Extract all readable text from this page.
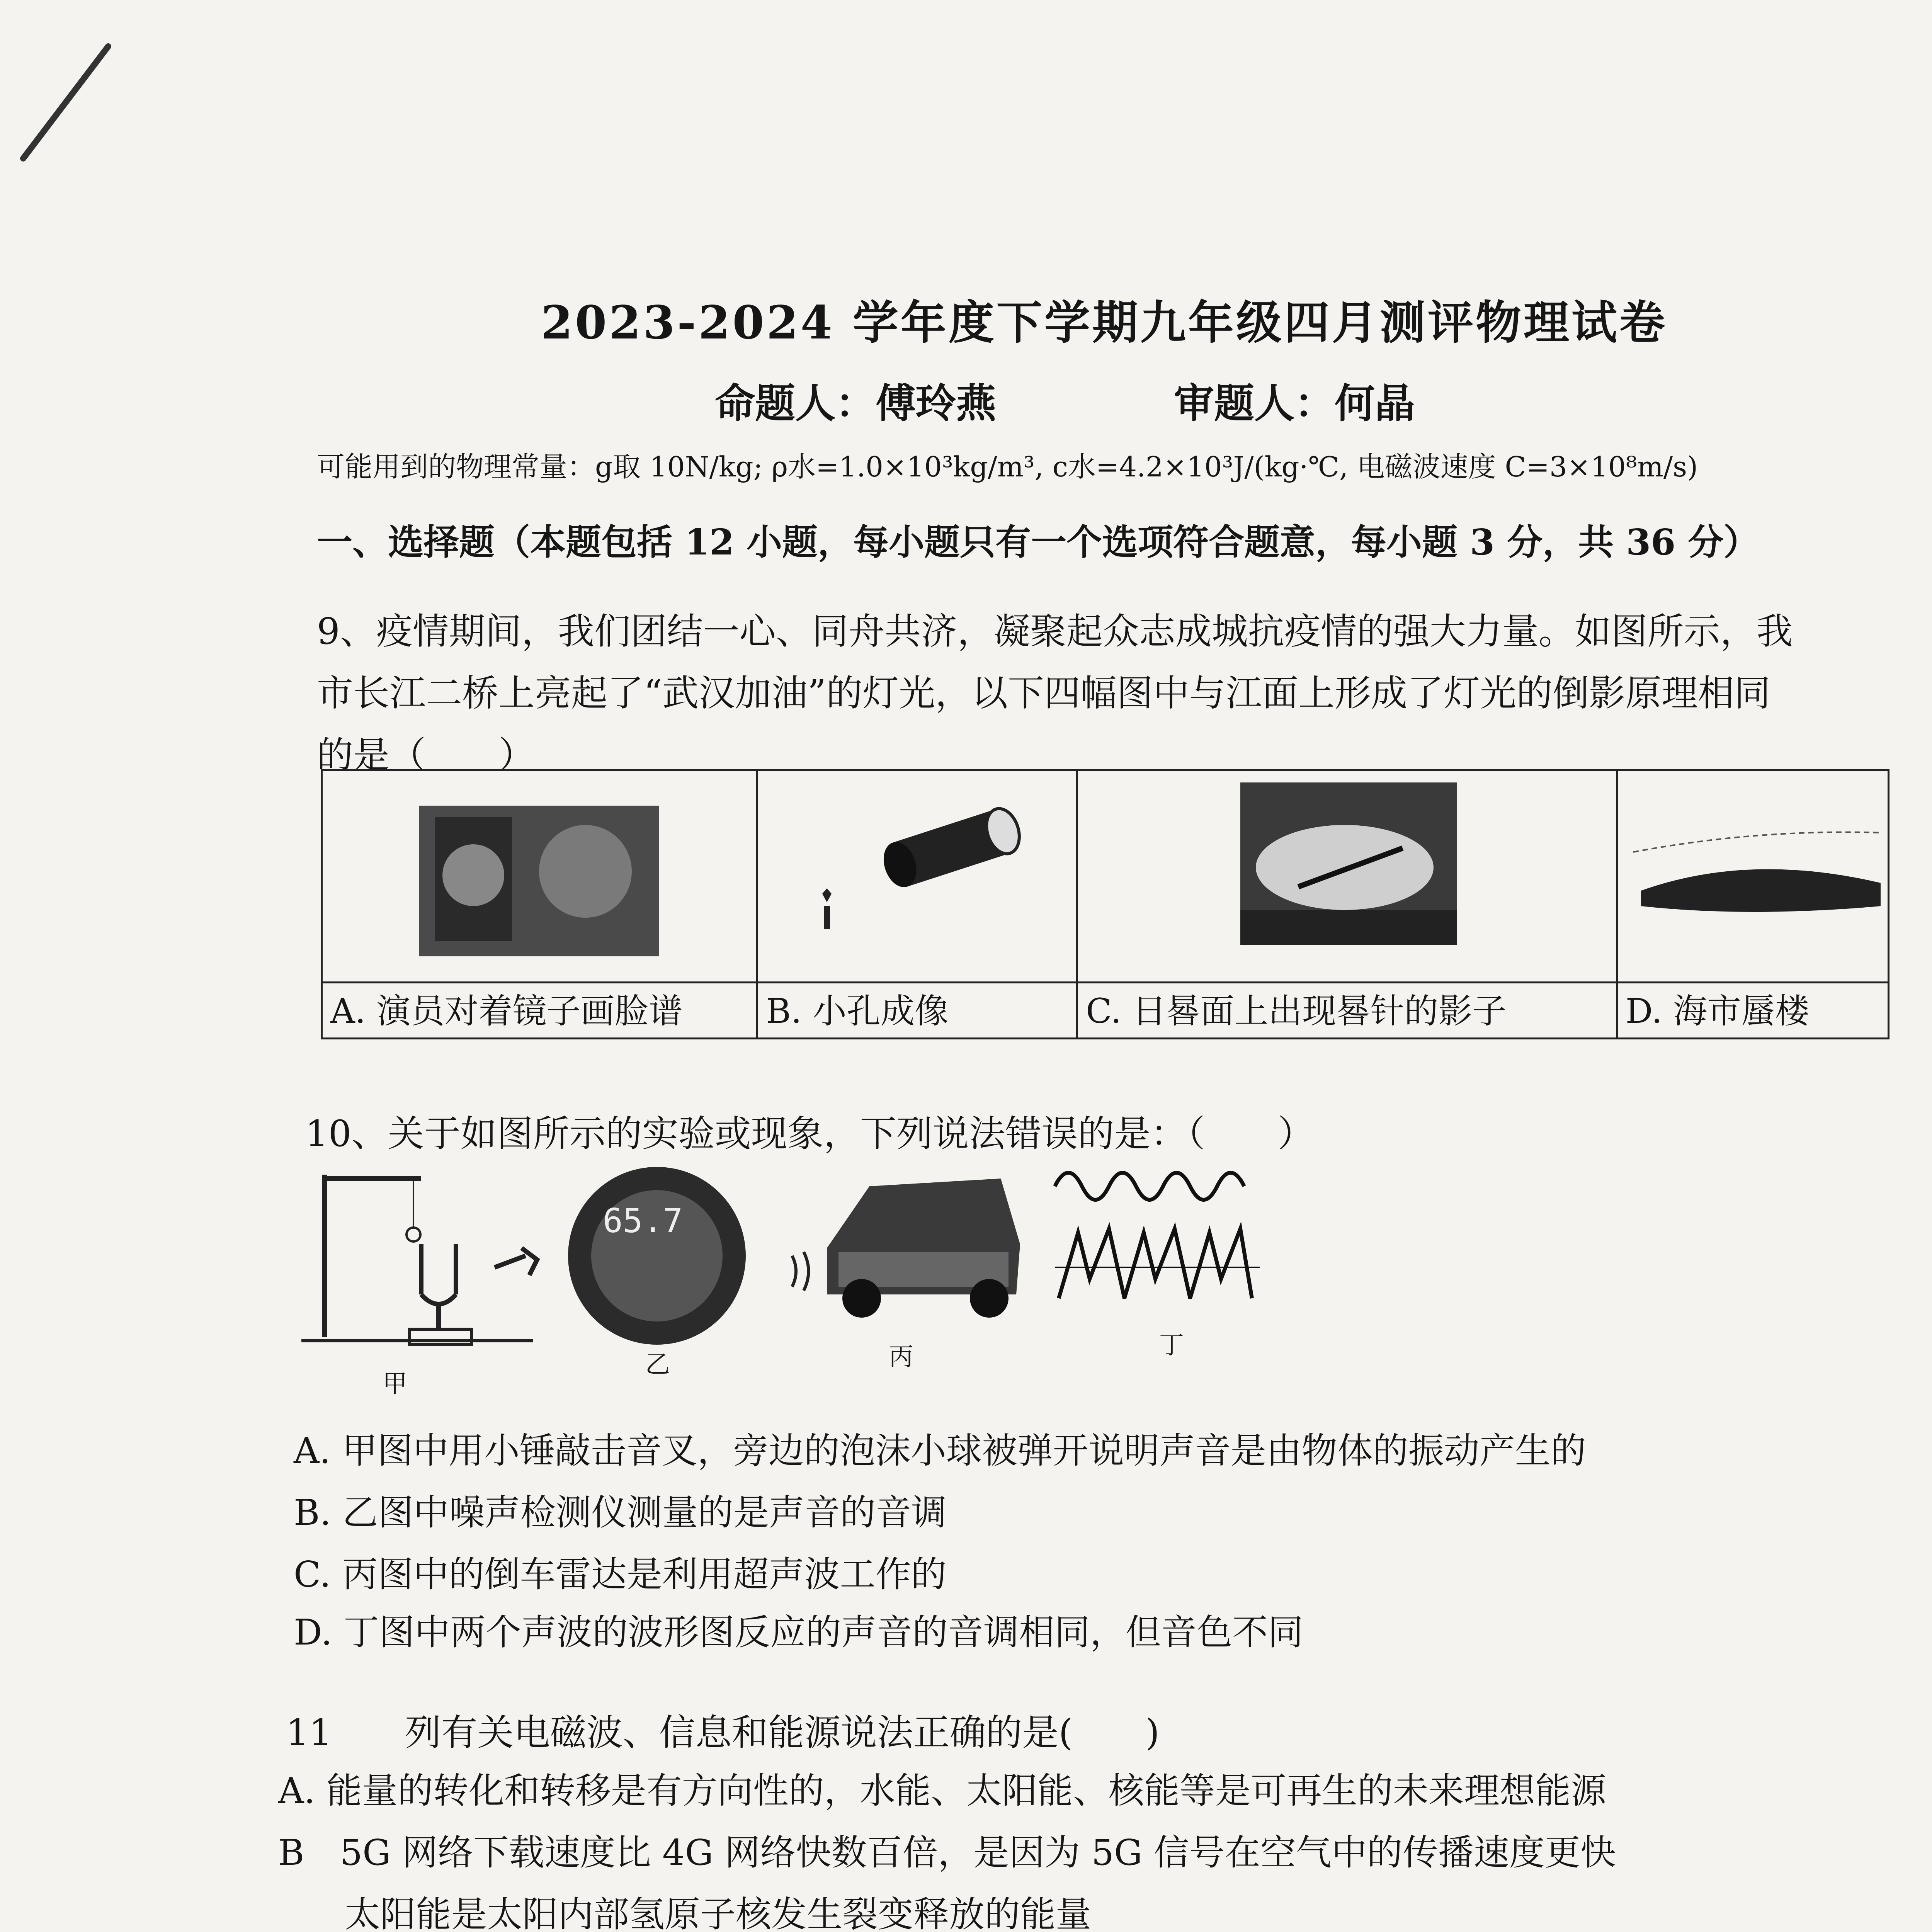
2023-2024 学年度下学期九年级四月测评物理试卷
命题人：傅玲燕	审题人：何晶
可能用到的物理常量：g取 10N/kg; ρ水=1.0×10³kg/m³, c水=4.2×10³J/(kg·℃, 电磁波速度 C=3×10⁸m/s)
一、选择题（本题包括 12 小题，每小题只有一个选项符合题意，每小题 3 分，共 36 分）
9、疫情期间，我们团结一心、同舟共济，凝聚起众志成城抗疫情的强大力量。如图所示，我
市长江二桥上亮起了“武汉加油”的灯光，以下四幅图中与江面上形成了灯光的倒影原理相同
的是（　　）
A. 演员对着镜子画脸谱 B. 小孔成像	C. 日晷面上出现晷针的影子	D. 海市蜃楼
10、关于如图所示的实验或现象，下列说法错误的是：（　　）
甲
65.7
乙	丙	丁
A. 甲图中用小锤敲击音叉，旁边的泡沫小球被弹开说明声音是由物体的振动产生的
B. 乙图中噪声检测仪测量的是声音的音调
C. 丙图中的倒车雷达是利用超声波工作的
D. 丁图中两个声波的波形图反应的声音的音调相同，但音色不同
11　　列有关电磁波、信息和能源说法正确的是(　　)
A. 能量的转化和转移是有方向性的，水能、太阳能、核能等是可再生的未来理想能源
B　5G 网络下载速度比 4G 网络快数百倍，是因为 5G 信号在空气中的传播速度更快
　太阳能是太阳内部氢原子核发生裂变释放的能量
